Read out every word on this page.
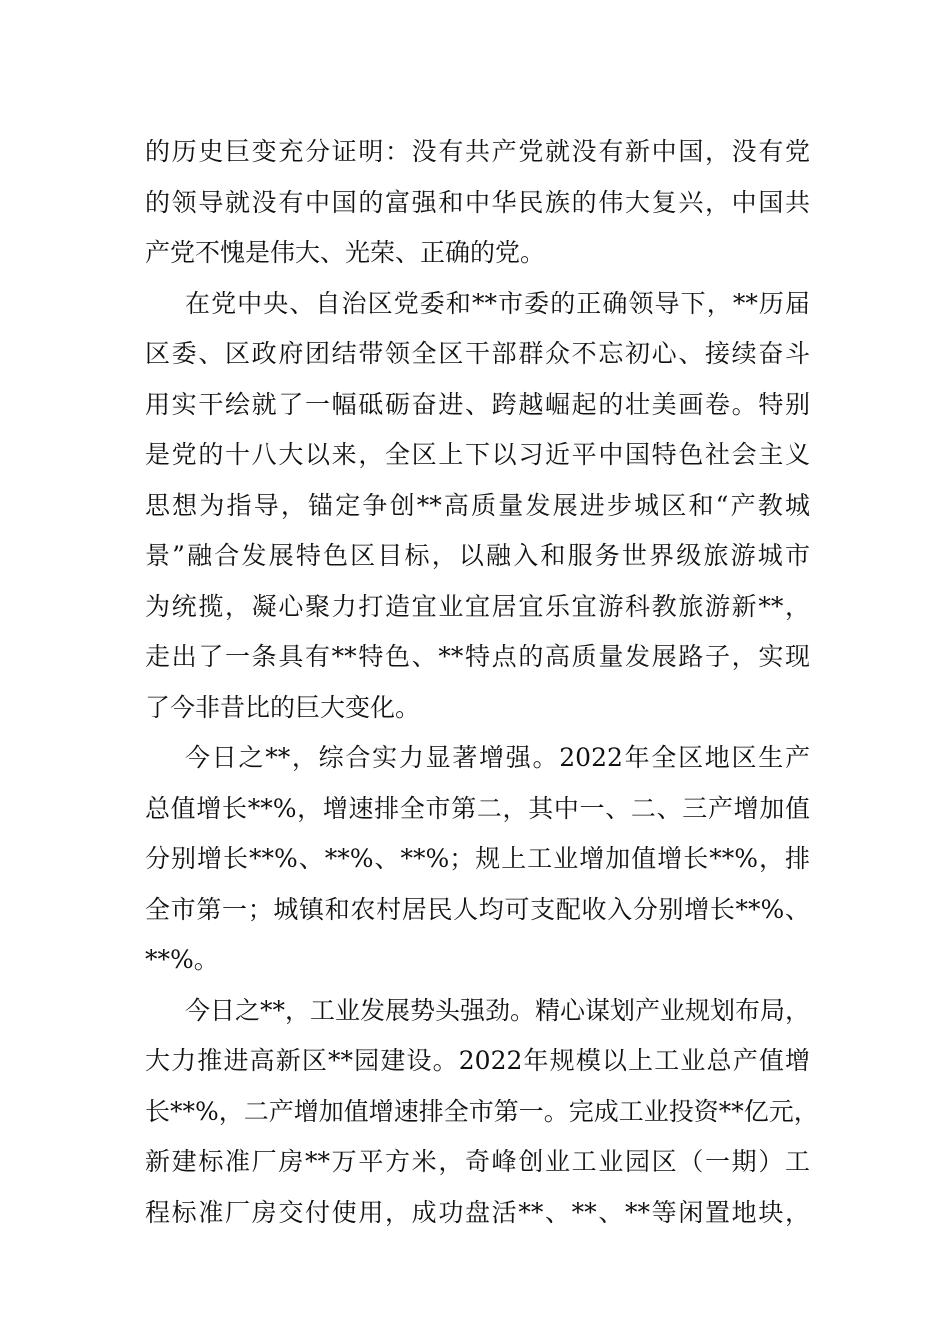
的历史巨变充分证明：没有共产党就没有新中国，没有党
的领导就没有中国的富强和中华民族的伟大复兴，中国共
产党不愧是伟大、光荣、正确的党。
在党中央、自治区党委和**市委的正确领导下，**历届
区委、区政府团结带领全区干部群众不忘初心、接续奋斗
用实干绘就了一幅砥砺奋进、跨越崛起的壮美画卷。特别
是党的十八大以来，全区上下以习近平中国特色社会主义
思想为指导，锚定争创**高质量发展进步城区和“产教城
景”融合发展特色区目标，以融入和服务世界级旅游城市
为统揽，凝心聚力打造宜业宜居宜乐宜游科教旅游新**，
走出了一条具有**特色、**特点的高质量发展路子，实现
了今非昔比的巨大变化。
今日之**，综合实力显著增强。2022年全区地区生产
总值增长**%，增速排全市第二，其中一、二、三产增加值
分别增长**%、**%、**%；规上工业增加值增长**%，排
全市第一；城镇和农村居民人均可支配收入分别增长**%、
**%。
今日之**，工业发展势头强劲。精心谋划产业规划布局，
大力推进高新区**园建设。2022年规模以上工业总产值增
长**%，二产增加值增速排全市第一。完成工业投资**亿元，
新建标准厂房**万平方米，奇峰创业工业园区（一期）工
程标准厂房交付使用，成功盘活**、**、**等闲置地块，
